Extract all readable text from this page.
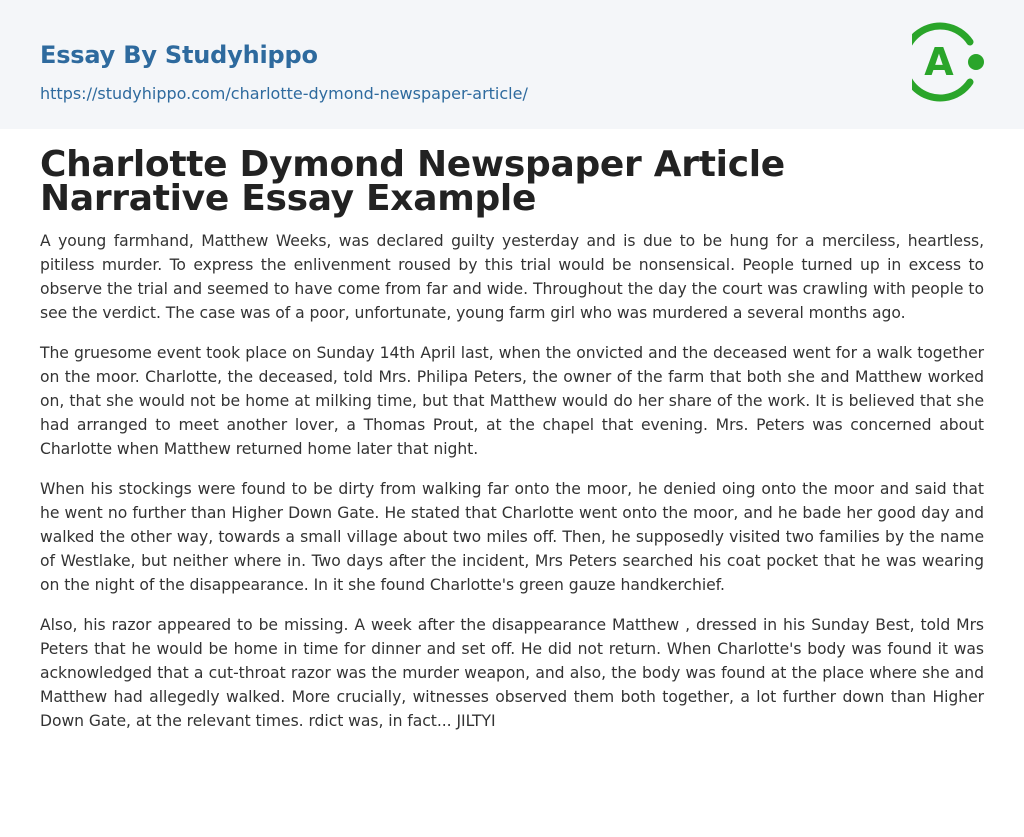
Essay By Studyhippo
https://studyhippo.com/charlotte-dymond-newspaper-article/
A
Charlotte Dymond Newspaper Article Narrative Essay Example

A young farmhand, Matthew Weeks, was declared guilty yesterday and is due to be hung for a merciless, heartless, pitiless murder. To express the enlivenment roused by this trial would be nonsensical. People turned up in excess to observe the trial and seemed to have come from far and wide. Throughout the day the court was crawling with people to see the verdict. The case was of a poor, unfortunate, young farm girl who was murdered a several months ago.

The gruesome event took place on Sunday 14th April last, when the onvicted and the deceased went for a walk together on the moor. Charlotte, the deceased, told Mrs. Philipa Peters, the owner of the farm that both she and Matthew worked on, that she would not be home at milking time, but that Matthew would do her share of the work. It is believed that she had arranged to meet another lover, a Thomas Prout, at the chapel that evening. Mrs. Peters was concerned about Charlotte when Matthew returned home later that night.

When his stockings were found to be dirty from walking far onto the moor, he denied oing onto the moor and said that he went no further than Higher Down Gate. He stated that Charlotte went onto the moor, and he bade her good day and walked the other way, towards a small village about two miles off. Then, he supposedly visited two families by the name of Westlake, but neither where in. Two days after the incident, Mrs Peters searched his coat pocket that he was wearing on the night of the disappearance. In it she found Charlotte's green gauze handkerchief.

Also, his razor appeared to be missing. A week after the disappearance Matthew , dressed in his Sunday Best, told Mrs Peters that he would be home in time for dinner and set off. He did not return. When Charlotte's body was found it was acknowledged that a cut-throat razor was the murder weapon, and also, the body was found at the place where she and Matthew had allegedly walked. More crucially, witnesses observed them both together, a lot further down than Higher Down Gate, at the relevant times. rdict was, in fact... JILTYI
